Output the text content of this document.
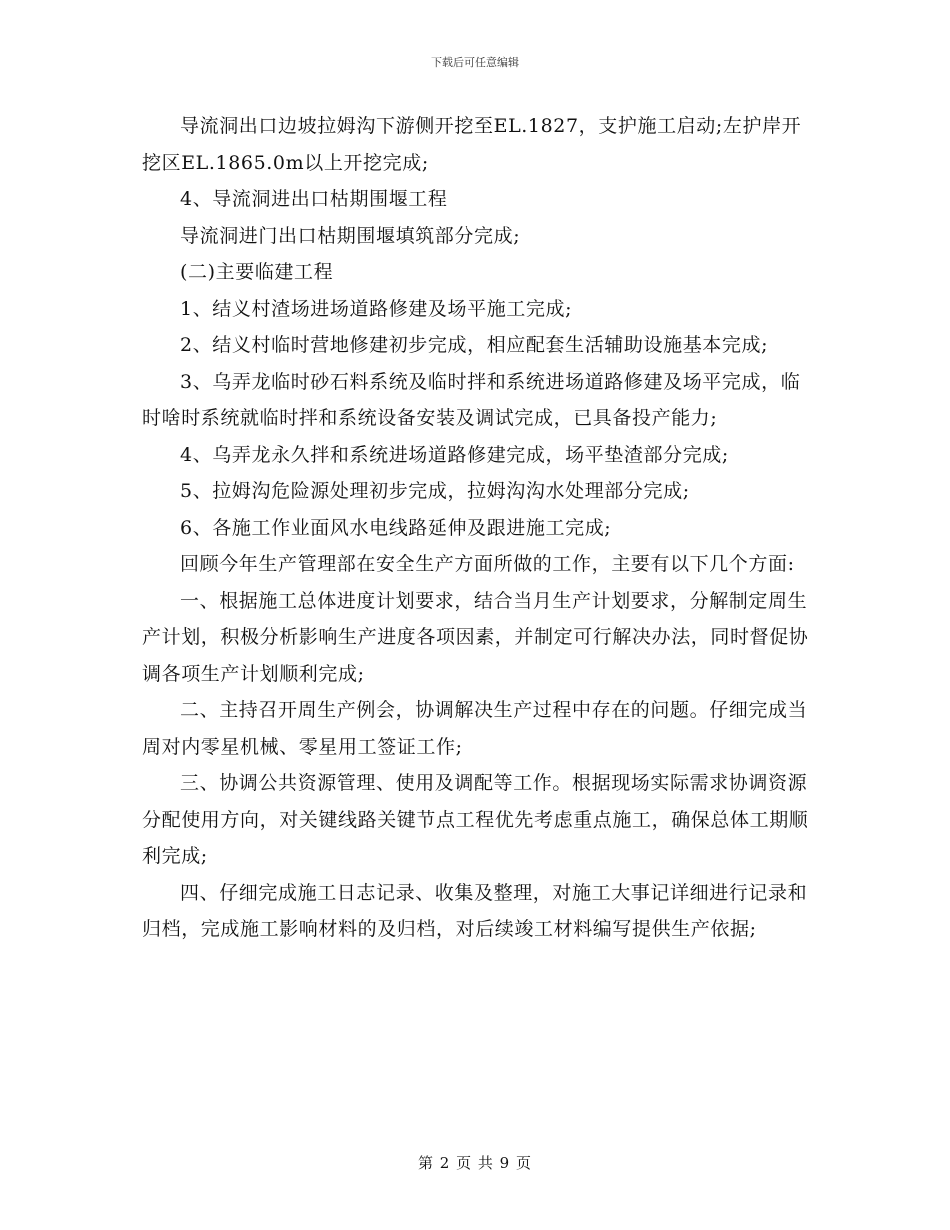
下载后可任意编辑

导流洞出口边坡拉姆沟下游侧开挖至EL.1827，支护施工启动;左护岸开挖区EL.1865.0m以上开挖完成;

4、导流洞进出口枯期围堰工程

导流洞进门出口枯期围堰填筑部分完成;

(二)主要临建工程

1、结义村渣场进场道路修建及场平施工完成;

2、结义村临时营地修建初步完成，相应配套生活辅助设施基本完成;

3、乌弄龙临时砂石料系统及临时拌和系统进场道路修建及场平完成，临时啥时系统就临时拌和系统设备安装及调试完成，已具备投产能力;

4、乌弄龙永久拌和系统进场道路修建完成，场平垫渣部分完成;

5、拉姆沟危险源处理初步完成，拉姆沟沟水处理部分完成;

6、各施工作业面风水电线路延伸及跟进施工完成;

回顾今年生产管理部在安全生产方面所做的工作，主要有以下几个方面:

一、根据施工总体进度计划要求，结合当月生产计划要求，分解制定周生产计划，积极分析影响生产进度各项因素，并制定可行解决办法，同时督促协调各项生产计划顺利完成;

二、主持召开周生产例会，协调解决生产过程中存在的问题。仔细完成当周对内零星机械、零星用工签证工作;

三、协调公共资源管理、使用及调配等工作。根据现场实际需求协调资源分配使用方向，对关键线路关键节点工程优先考虑重点施工，确保总体工期顺利完成;

四、仔细完成施工日志记录、收集及整理，对施工大事记详细进行记录和归档，完成施工影响材料的及归档，对后续竣工材料编写提供生产依据;

第 2 页 共 9 页
